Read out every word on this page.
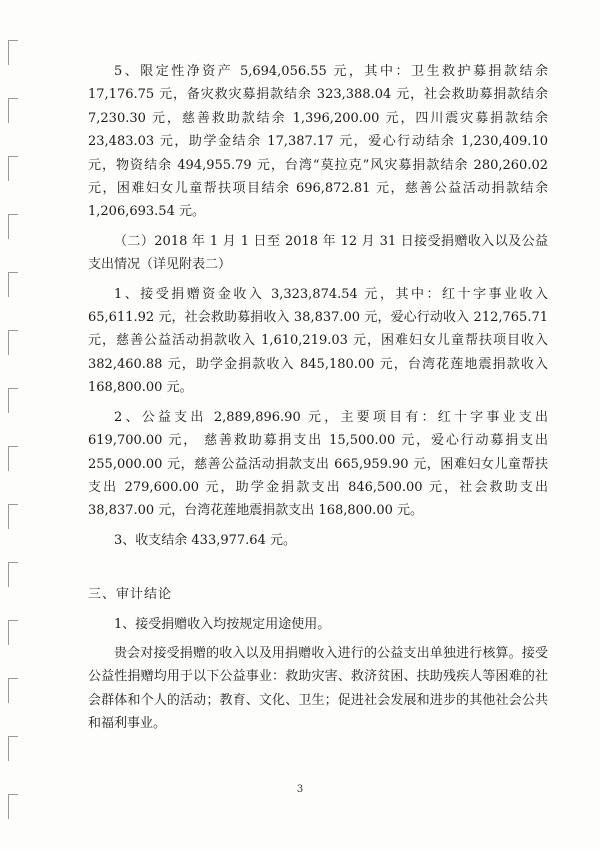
5、限定性净资产 5,694,056.55 元，其中：卫生救护募捐款结余 17,176.75 元，备灾救灾募捐款结余 323,388.04 元，社会救助募捐款结余 7,230.30 元，慈善救助款结余 1,396,200.00 元，四川震灾募捐款结余 23,483.03 元，助学金结余 17,387.17 元，爱心行动结余 1,230,409.10 元，物资结余 494,955.79 元，台湾“莫拉克”风灾募捐款结余 280,260.02 元，困难妇女儿童帮扶项目结余 696,872.81 元，慈善公益活动捐款结余 1,206,693.54 元。

（二）2018 年 1 月 1 日至 2018 年 12 月 31 日接受捐赠收入以及公益支出情况（详见附表二）

1、接受捐赠资金收入 3,323,874.54 元，其中：红十字事业收入 65,611.92 元，社会救助募捐收入 38,837.00 元，爱心行动收入 212,765.71 元，慈善公益活动捐款收入 1,610,219.03 元，困难妇女儿童帮扶项目收入 382,460.88 元，助学金捐款收入 845,180.00 元，台湾花莲地震捐款收入 168,800.00 元。

2、公益支出 2,889,896.90 元，主要项目有：红十字事业支出 619,700.00 元， 慈善救助募捐支出 15,500.00 元，爱心行动募捐支出 255,000.00 元，慈善公益活动捐款支出 665,959.90 元，困难妇女儿童帮扶支出 279,600.00 元，助学金捐款支出 846,500.00 元，社会救助支出 38,837.00 元，台湾花莲地震捐款支出 168,800.00 元。

3、收支结余 433,977.64 元。

三、审计结论

1、接受捐赠收入均按规定用途使用。

贵会对接受捐赠的收入以及用捐赠收入进行的公益支出单独进行核算。接受公益性捐赠均用于以下公益事业：救助灾害、救济贫困、扶助残疾人等困难的社会群体和个人的活动；教育、文化、卫生；促进社会发展和进步的其他社会公共和福利事业。

3
